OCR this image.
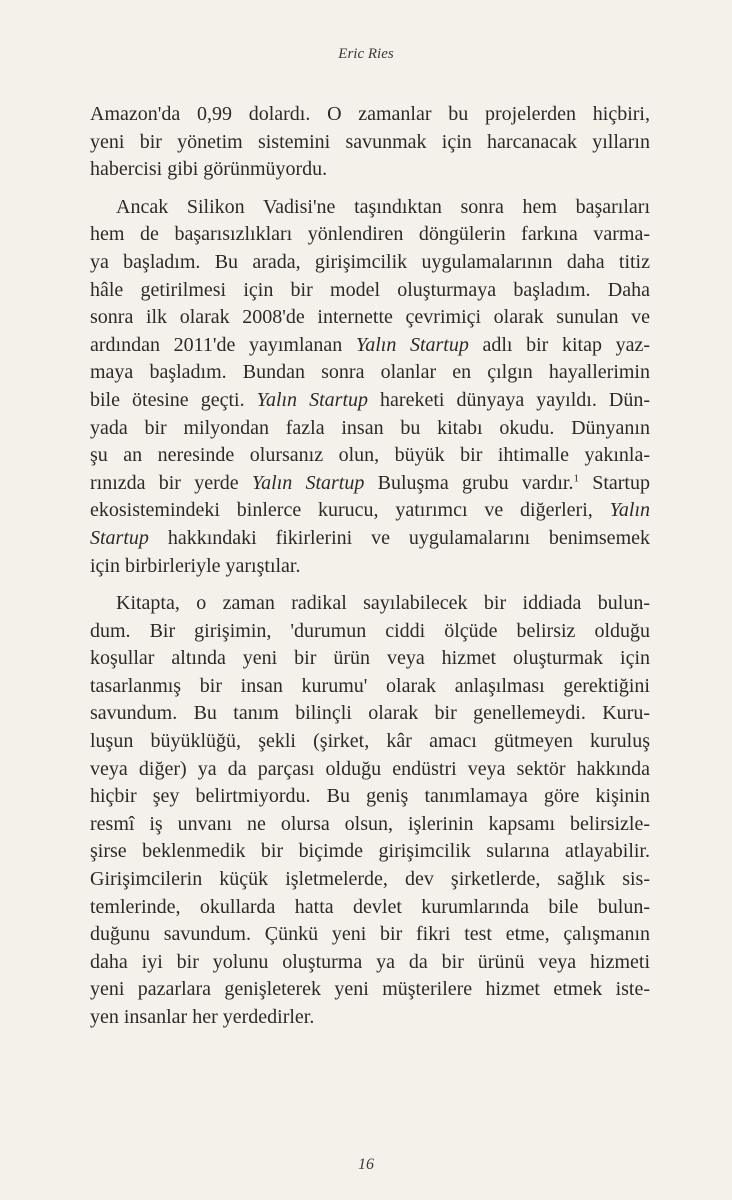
Eric Ries
Amazon'da 0,99 dolardı. O zamanlar bu projelerden hiçbiri,
yeni bir yönetim sistemini savunmak için harcanacak yılların
habercisi gibi görünmüyordu.
Ancak Silikon Vadisi'ne taşındıktan sonra hem başarıları
hem de başarısızlıkları yönlendiren döngülerin farkına varma-
ya başladım. Bu arada, girişimcilik uygulamalarının daha titiz
hâle getirilmesi için bir model oluşturmaya başladım. Daha
sonra ilk olarak 2008'de internette çevrimiçi olarak sunulan ve
ardından 2011'de yayımlanan Yalın Startup adlı bir kitap yaz-
maya başladım. Bundan sonra olanlar en çılgın hayallerimin
bile ötesine geçti. Yalın Startup hareketi dünyaya yayıldı. Dün-
yada bir milyondan fazla insan bu kitabı okudu. Dünyanın
şu an neresinde olursanız olun, büyük bir ihtimalle yakınla-
rınızda bir yerde Yalın Startup Buluşma grubu vardır.$^1$ Startup
ekosistemindeki binlerce kurucu, yatırımcı ve diğerleri, Yalın
Startup hakkındaki fikirlerini ve uygulamalarını benimsemek
için birbirleriyle yarıştılar.
Kitapta, o zaman radikal sayılabilecek bir iddiada bulun-
dum. Bir girişimin, 'durumun ciddi ölçüde belirsiz olduğu
koşullar altında yeni bir ürün veya hizmet oluşturmak için
tasarlanmış bir insan kurumu' olarak anlaşılması gerektiğini
savundum. Bu tanım bilinçli olarak bir genellemeydi. Kuru-
luşun büyüklüğü, şekli (şirket, kâr amacı gütmeyen kuruluş
veya diğer) ya da parçası olduğu endüstri veya sektör hakkında
hiçbir şey belirtmiyordu. Bu geniş tanımlamaya göre kişinin
resmî iş unvanı ne olursa olsun, işlerinin kapsamı belirsizle-
şirse beklenmedik bir biçimde girişimcilik sularına atlayabilir.
Girişimcilerin küçük işletmelerde, dev şirketlerde, sağlık sis-
temlerinde, okullarda hatta devlet kurumlarında bile bulun-
duğunu savundum. Çünkü yeni bir fikri test etme, çalışmanın
daha iyi bir yolunu oluşturma ya da bir ürünü veya hizmeti
yeni pazarlara genişleterek yeni müşterilere hizmet etmek iste-
yen insanlar her yerdedirler.
16
